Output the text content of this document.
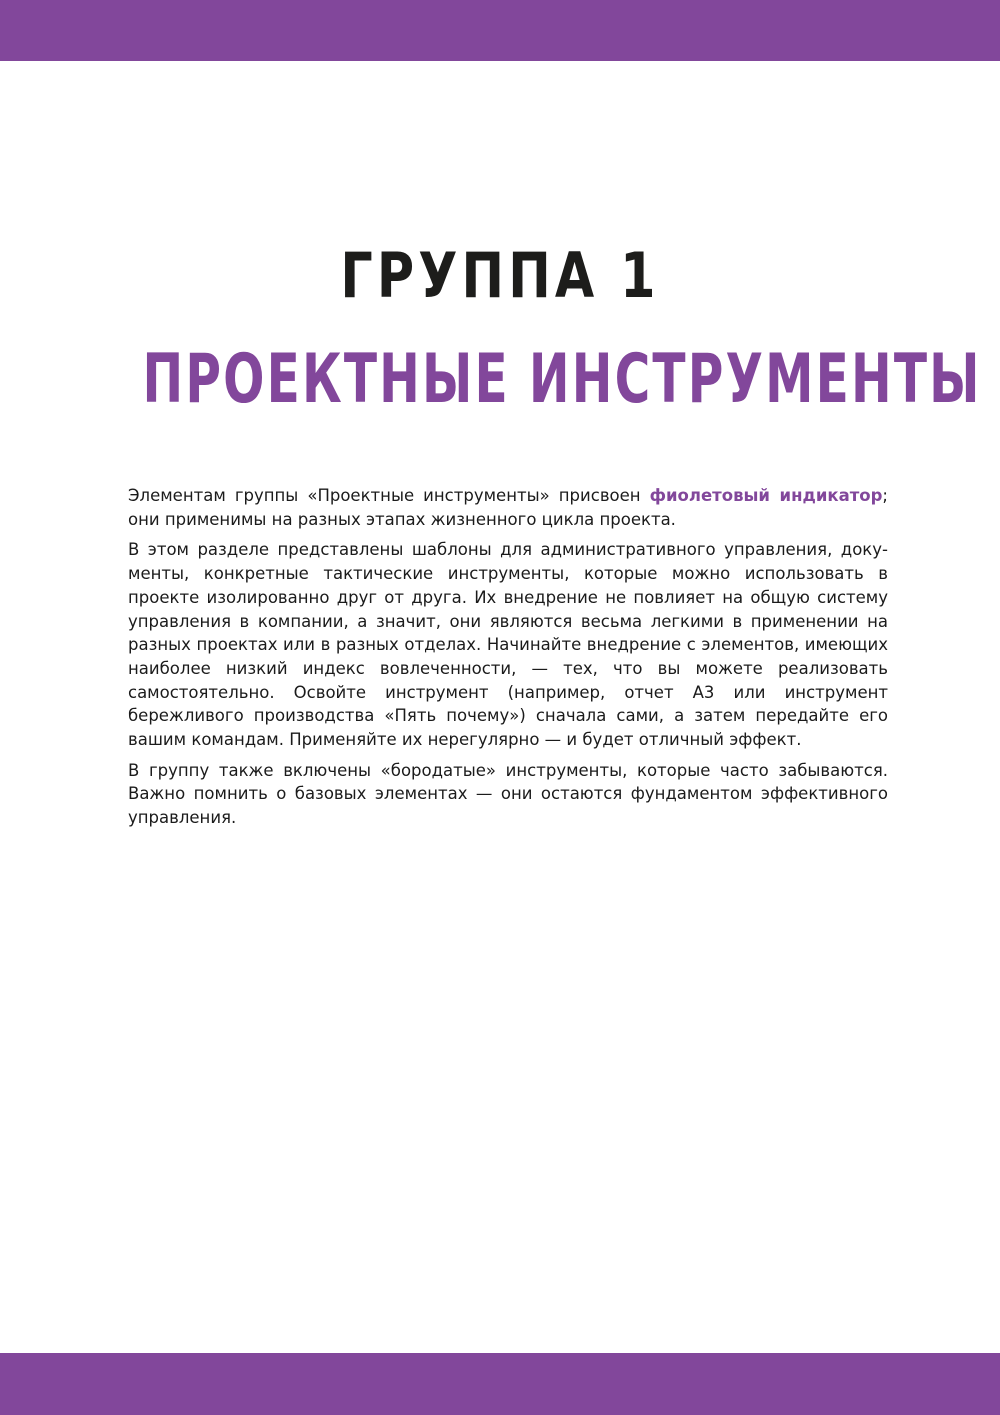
ГРУППА 1
ПРОЕКТНЫЕ ИНСТРУМЕНТЫ

Элементам группы «Проектные инструменты» присвоен фиолетовый индикатор; они применимы на разных этапах жизненного цикла проекта.

В этом разделе представлены шаблоны для административного управления, документы, конкретные тактические инструменты, которые можно использовать в проекте изолированно друг от друга. Их внедрение не повлияет на общую систему управления в компании, а значит, они являются весьма легкими в применении на разных проектах или в разных отделах. Начинайте внедрение с элементов, имеющих наиболее низкий индекс вовлеченности, — тех, что вы можете реализовать самостоятельно. Освойте инструмент (например, отчет А3 или инструмент бережливого производства «Пять почему») сначала сами, а затем передайте его вашим командам. Применяйте их нерегулярно — и будет отличный эффект.

В группу также включены «бородатые» инструменты, которые часто забываются. Важно помнить о базовых элементах — они остаются фундаментом эффективного управления.
